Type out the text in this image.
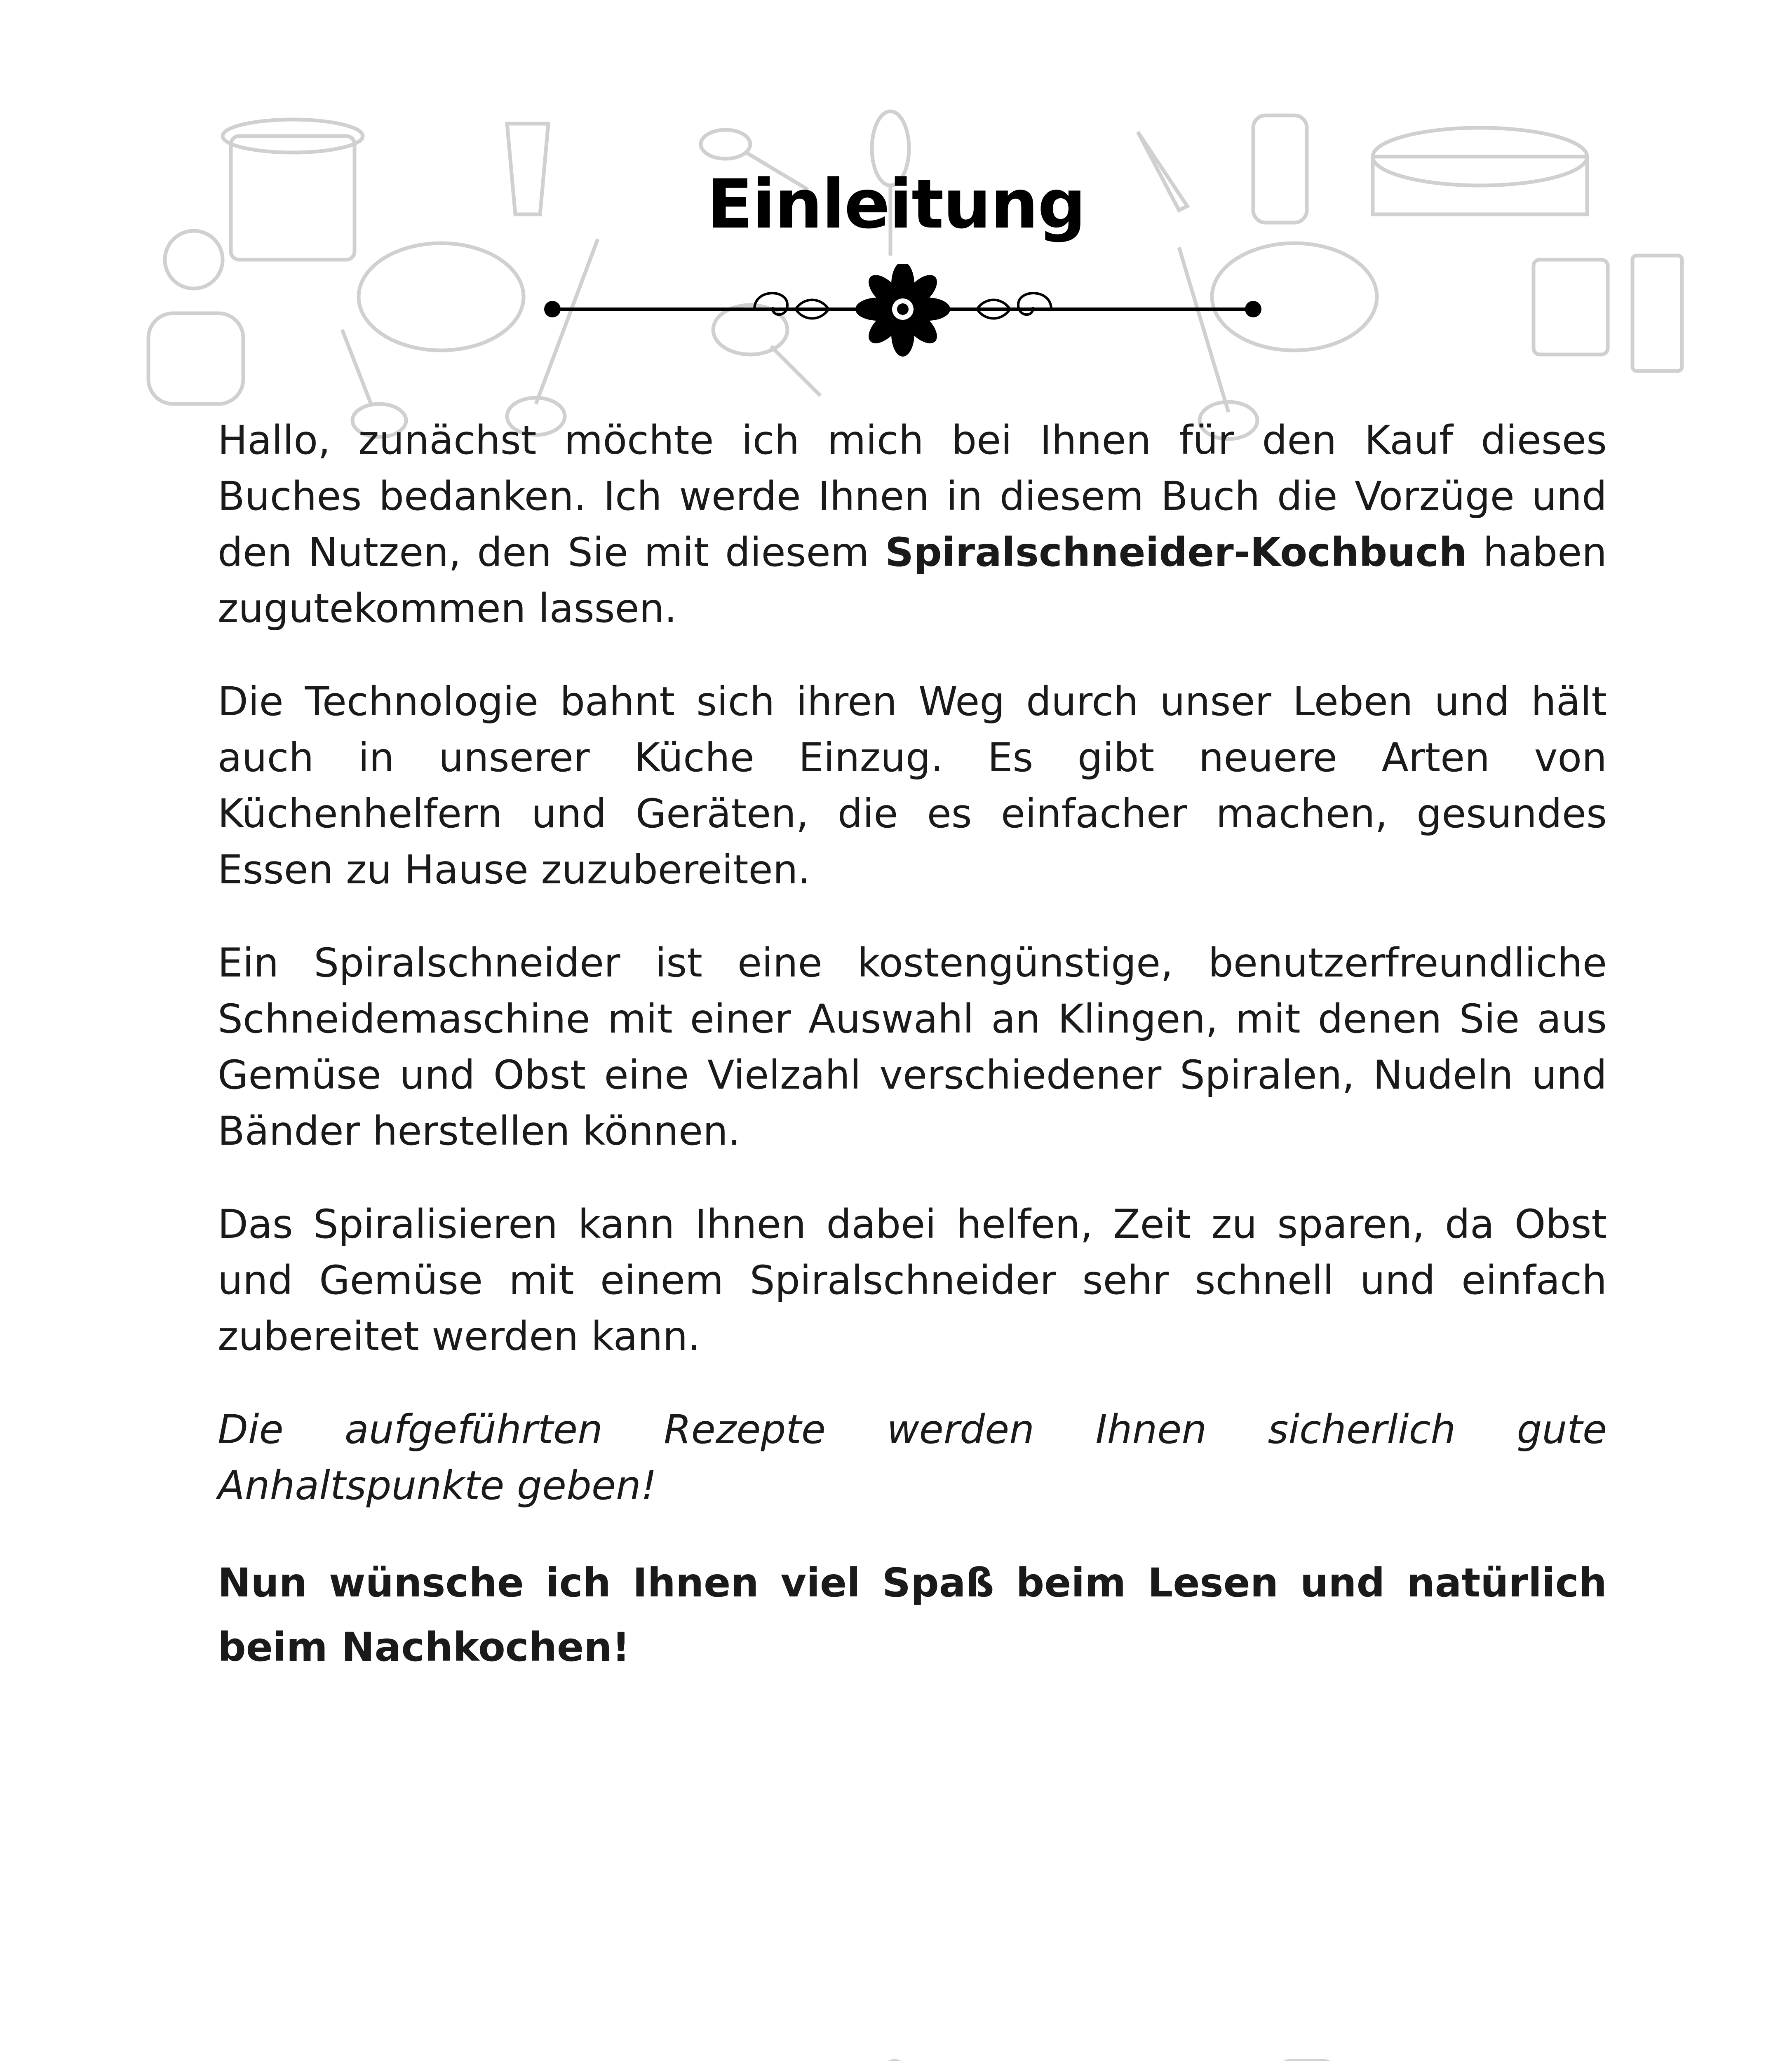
Einleitung

Hallo, zunächst möchte ich mich bei Ihnen für den Kauf dieses Buches bedanken. Ich werde Ihnen in diesem Buch die Vorzüge und den Nutzen, den Sie mit diesem Spiralschneider-Kochbuch haben zugutekommen lassen.

Die Technologie bahnt sich ihren Weg durch unser Leben und hält auch in unserer Küche Einzug. Es gibt neuere Arten von Küchenhelfern und Geräten, die es einfacher machen, gesundes Essen zu Hause zuzubereiten.

Ein Spiralschneider ist eine kostengünstige, benutzerfreundliche Schneidemaschine mit einer Auswahl an Klingen, mit denen Sie aus Gemüse und Obst eine Vielzahl verschiedener Spiralen, Nudeln und Bänder herstellen können.

Das Spiralisieren kann Ihnen dabei helfen, Zeit zu sparen, da Obst und Gemüse mit einem Spiralschneider sehr schnell und einfach zubereitet werden kann.

Die aufgeführten Rezepte werden Ihnen sicherlich gute Anhaltspunkte geben!

Nun wünsche ich Ihnen viel Spaß beim Lesen und natürlich beim Nachkochen!
